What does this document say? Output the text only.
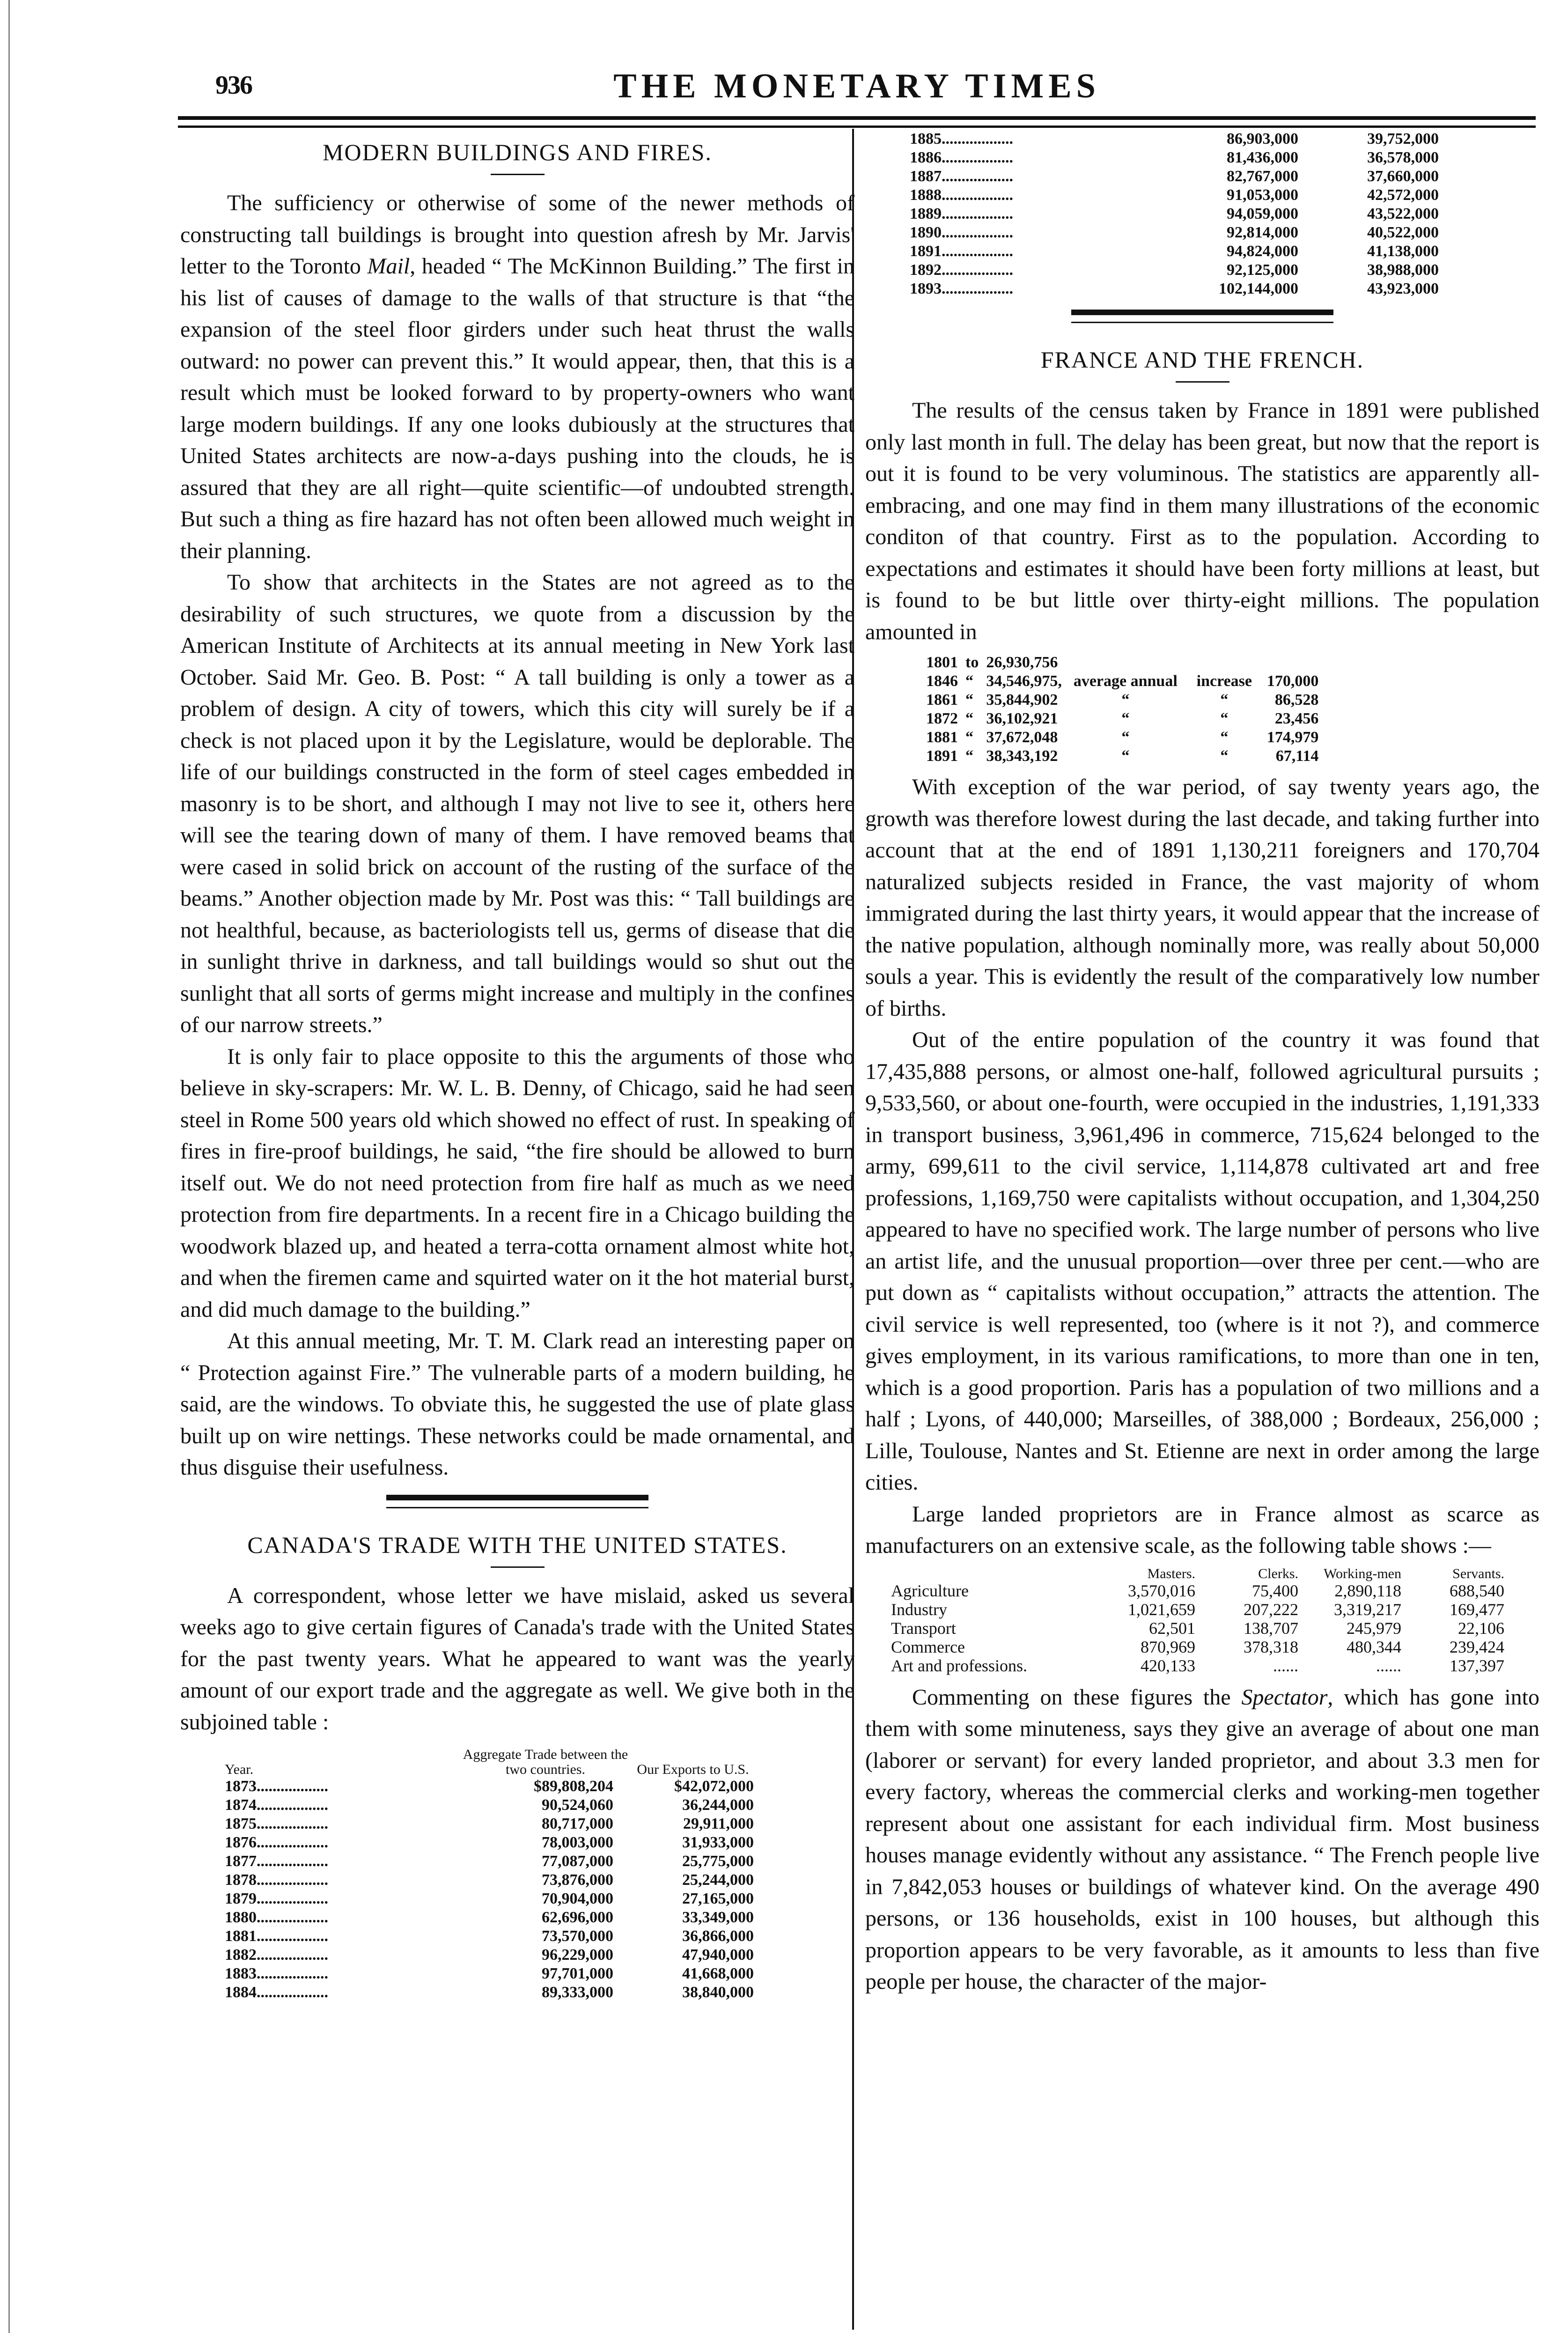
936	THE MONETARY TIMES
MODERN BUILDINGS AND FIRES.

The sufficiency or otherwise of some of the newer methods of constructing tall buildings is brought into question afresh by Mr. Jarvis' letter to the Toronto Mail, headed “ The McKinnon Building.” The first in his list of causes of damage to the walls of that structure is that “the expansion of the steel floor girders under such heat thrust the walls outward: no power can prevent this.” It would appear, then, that this is a result which must be looked forward to by property-owners who want large modern buildings. If any one looks dubiously at the structures that United States architects are now-a-days pushing into the clouds, he is assured that they are all right—quite scientific—of undoubted strength. But such a thing as fire hazard has not often been allowed much weight in their planning.

To show that architects in the States are not agreed as to the desirability of such structures, we quote from a discussion by the American Institute of Architects at its annual meeting in New York last October. Said Mr. Geo. B. Post: “ A tall building is only a tower as a problem of design. A city of towers, which this city will surely be if a check is not placed upon it by the Legislature, would be deplorable. The life of our buildings constructed in the form of steel cages embedded in masonry is to be short, and although I may not live to see it, others here will see the tearing down of many of them. I have removed beams that were cased in solid brick on account of the rusting of the surface of the beams.” Another objection made by Mr. Post was this: “ Tall buildings are not healthful, because, as bacteriologists tell us, germs of disease that die in sunlight thrive in darkness, and tall buildings would so shut out the sunlight that all sorts of germs might increase and multiply in the confines of our narrow streets.”

It is only fair to place opposite to this the arguments of those who believe in sky-scrapers: Mr. W. L. B. Denny, of Chicago, said he had seen steel in Rome 500 years old which showed no effect of rust. In speaking of fires in fire-proof buildings, he said, “the fire should be allowed to burn itself out. We do not need protection from fire half as much as we need protection from fire departments. In a recent fire in a Chicago building the woodwork blazed up, and heated a terra-cotta ornament almost white hot, and when the firemen came and squirted water on it the hot material burst, and did much damage to the building.”

At this annual meeting, Mr. T. M. Clark read an interesting paper on “ Protection against Fire.” The vulnerable parts of a modern building, he said, are the windows. To obviate this, he suggested the use of plate glass built up on wire nettings. These networks could be made ornamental, and thus disguise their usefulness.

CANADA'S TRADE WITH THE UNITED STATES.

A correspondent, whose letter we have mislaid, asked us several weeks ago to give certain figures of Canada's trade with the United States for the past twenty years. What he appeared to want was the yearly amount of our export trade and the aggregate as well. We give both in the subjoined table :

Year.	Aggregate Trade between the two countries.	Our Exports to U.S.
1873..................	$89,808,204	$42,072,000
1874..................	90,524,060	36,244,000
1875..................	80,717,000	29,911,000
1876..................	78,003,000	31,933,000
1877..................	77,087,000	25,775,000
1878..................	73,876,000	25,244,000
1879..................	70,904,000	27,165,000
1880..................	62,696,000	33,349,000
1881..................	73,570,000	36,866,000
1882..................	96,229,000	47,940,000
1883..................	97,701,000	41,668,000
1884..................	89,333,000	38,840,000
1885..................	86,903,000	39,752,000
1886..................	81,436,000	36,578,000
1887..................	82,767,000	37,660,000
1888..................	91,053,000	42,572,000
1889..................	94,059,000	43,522,000
1890..................	92,814,000	40,522,000
1891..................	94,824,000	41,138,000
1892..................	92,125,000	38,988,000
1893..................	102,144,000	43,923,000
FRANCE AND THE FRENCH.

The results of the census taken by France in 1891 were published only last month in full. The delay has been great, but now that the report is out it is found to be very voluminous. The statistics are apparently all-embracing, and one may find in them many illustrations of the economic conditon of that country. First as to the population. According to expectations and estimates it should have been forty millions at least, but is found to be but little over thirty-eight millions. The population amounted in

1801	to	26,930,756			
1846	“	34,546,975,	average annual	increase	170,000
1861	“	35,844,902	“	“	86,528
1872	“	36,102,921	“	“	23,456
1881	“	37,672,048	“	“	174,979
1891	“	38,343,192	“	“	67,114

With exception of the war period, of say twenty years ago, the growth was therefore lowest during the last decade, and taking further into account that at the end of 1891 1,130,211 foreigners and 170,704 naturalized subjects resided in France, the vast majority of whom immigrated during the last thirty years, it would appear that the increase of the native population, although nominally more, was really about 50,000 souls a year. This is evidently the result of the comparatively low number of births.

Out of the entire population of the country it was found that 17,435,888 persons, or almost one-half, followed agricultural pursuits ; 9,533,560, or about one-fourth, were occupied in the industries, 1,191,333 in transport business, 3,961,496 in commerce, 715,624 belonged to the army, 699,611 to the civil service, 1,114,878 cultivated art and free professions, 1,169,750 were capitalists without occupation, and 1,304,250 appeared to have no specified work. The large number of persons who live an artist life, and the unusual proportion—over three per cent.—who are put down as “ capitalists without occupation,” attracts the attention. The civil service is well represented, too (where is it not ?), and commerce gives employment, in its various ramifications, to more than one in ten, which is a good proportion. Paris has a population of two millions and a half ; Lyons, of 440,000; Marseilles, of 388,000 ; Bordeaux, 256,000 ; Lille, Toulouse, Nantes and St. Etienne are next in order among the large cities.

Large landed proprietors are in France almost as scarce as manufacturers on an extensive scale, as the following table shows :—

	Masters.	Clerks.	Working-men	Servants.
Agriculture	3,570,016	75,400	2,890,118	688,540
Industry	1,021,659	207,222	3,319,217	169,477
Transport	62,501	138,707	245,979	22,106
Commerce	870,969	378,318	480,344	239,424
Art and professions.	420,133	......	......	137,397

Commenting on these figures the Spectator, which has gone into them with some minuteness, says they give an average of about one man (laborer or servant) for every landed proprietor, and about 3.3 men for every factory, whereas the commercial clerks and working-men together represent about one assistant for each individual firm. Most business houses manage evidently without any assistance. “ The French people live in 7,842,053 houses or buildings of whatever kind. On the average 490 persons, or 136 households, exist in 100 houses, but although this proportion appears to be very favorable, as it amounts to less than five people per house, the character of the major-
